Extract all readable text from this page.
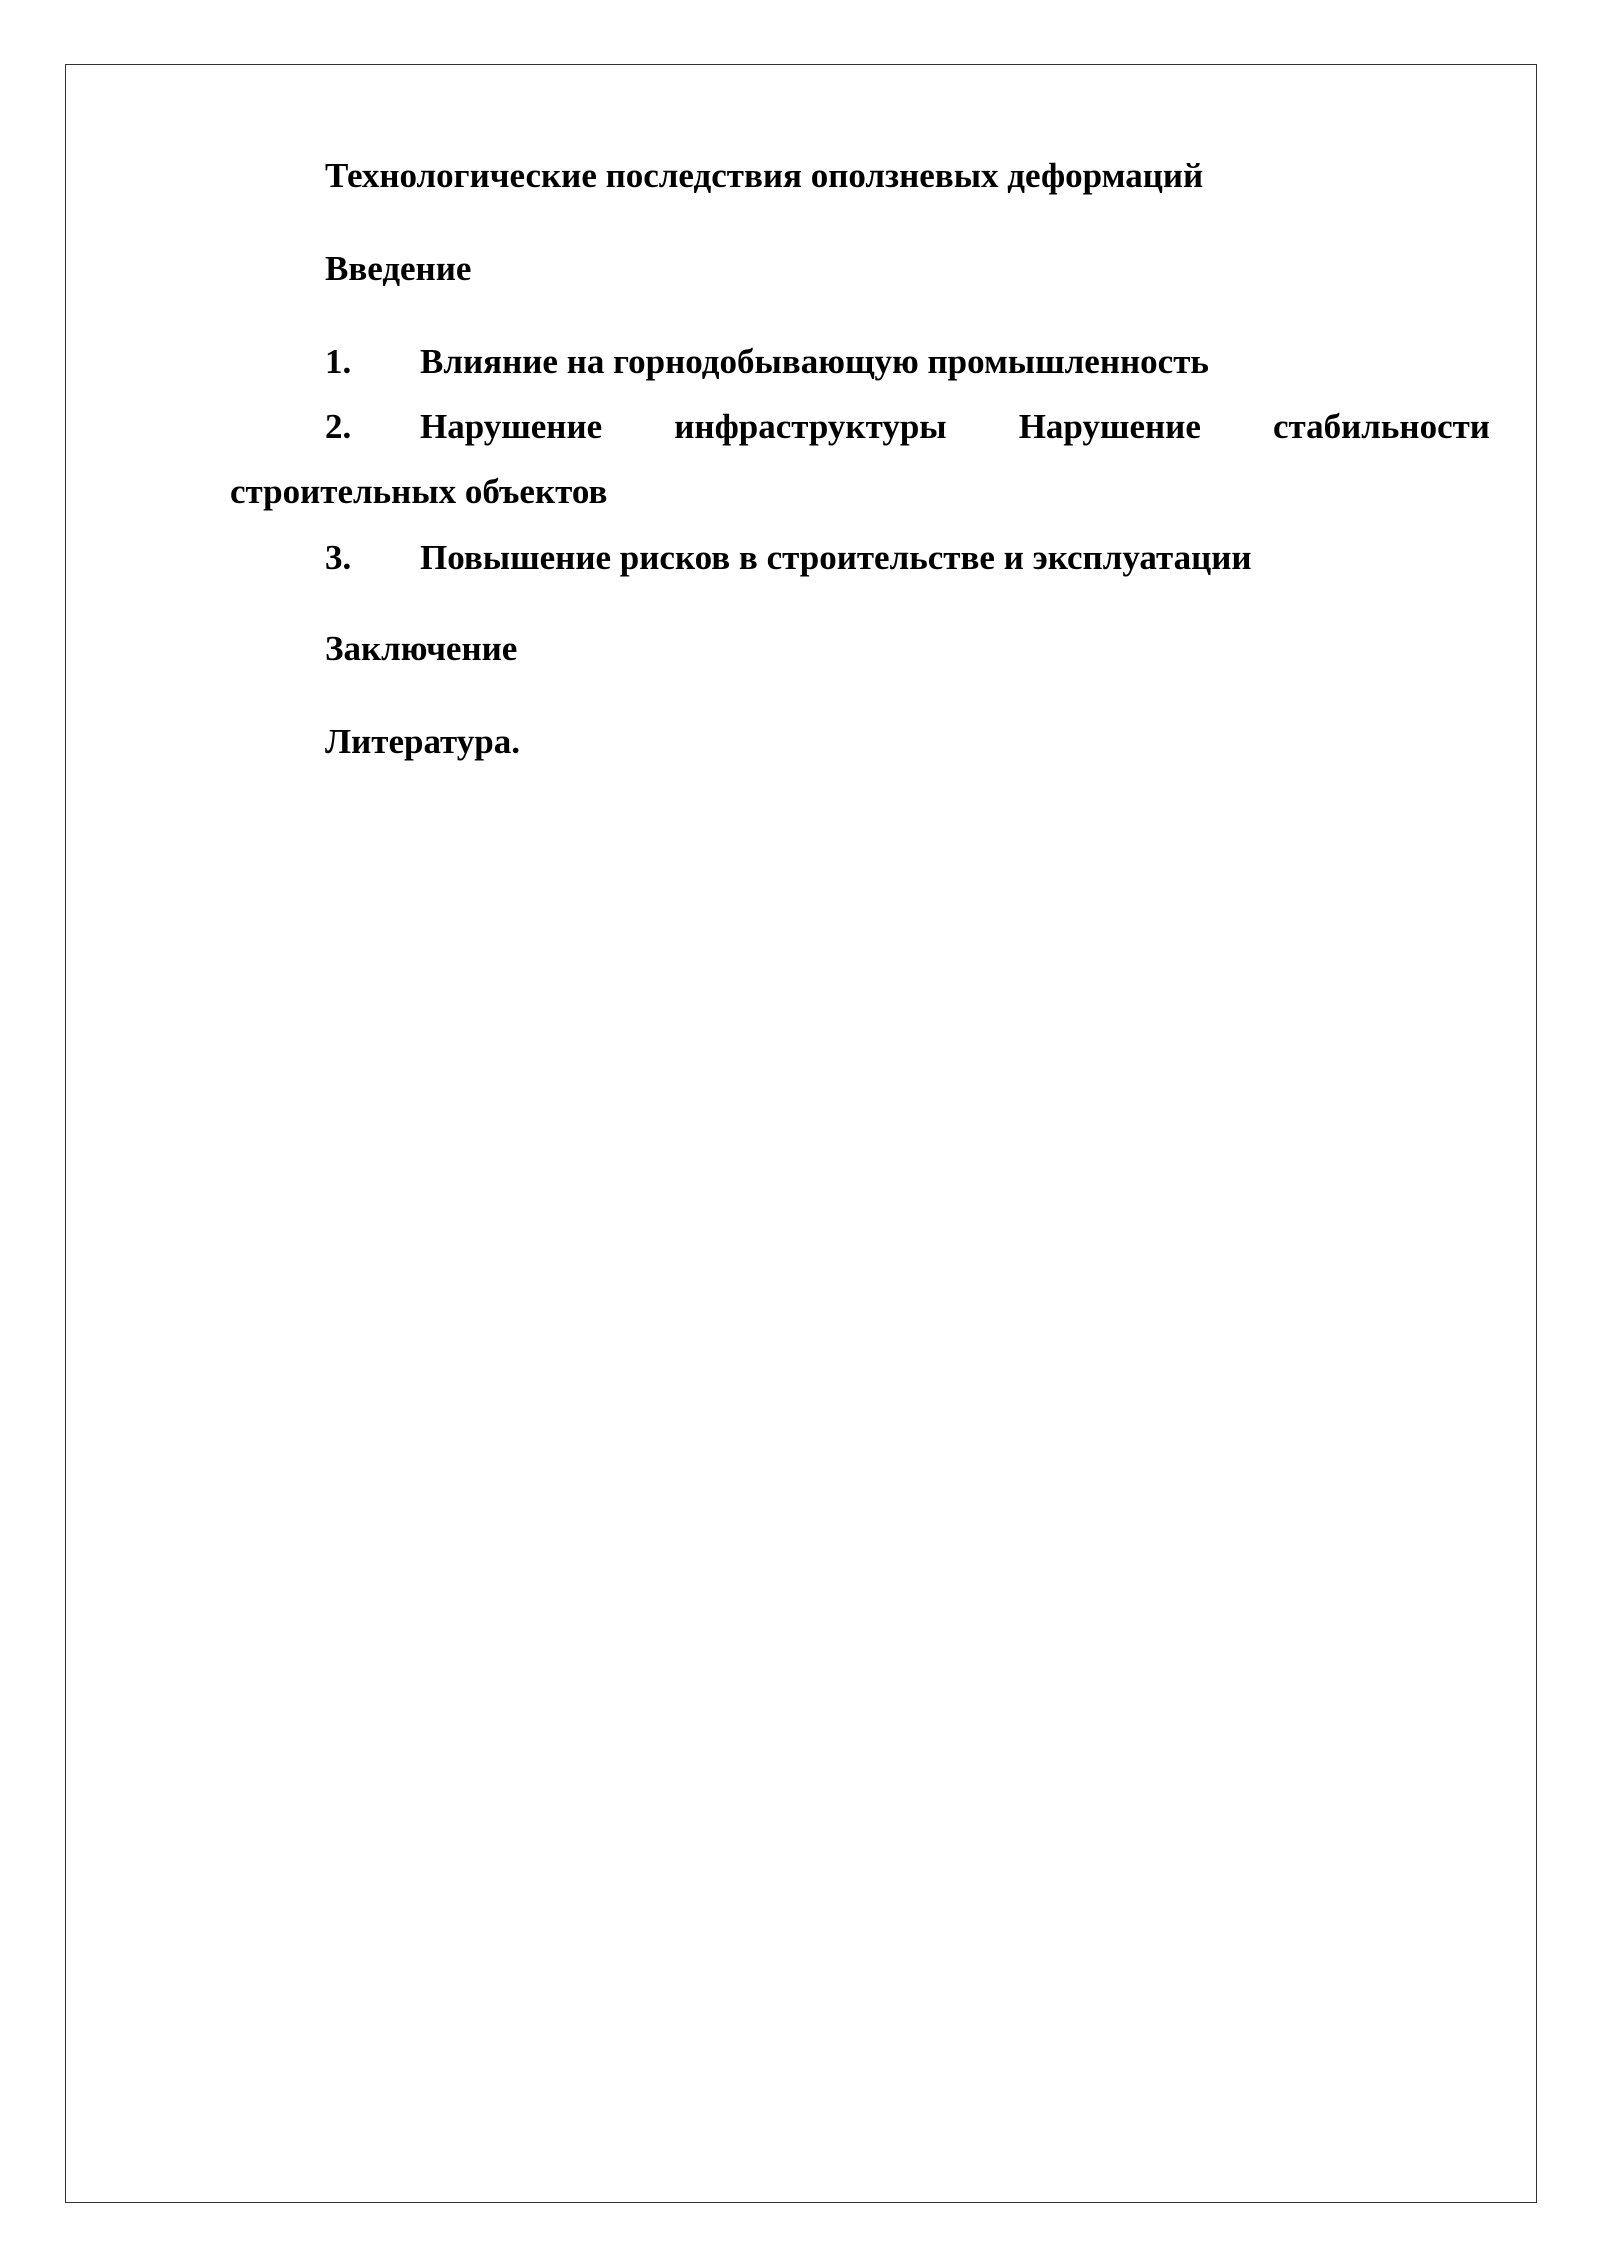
Технологические последствия оползневых деформаций
Введение
1. Влияние на горнодобывающую промышленность
2. Нарушение инфраструктуры Нарушение стабильности
строительных объектов
3. Повышение рисков в строительстве и эксплуатации
Заключение
Литература.
